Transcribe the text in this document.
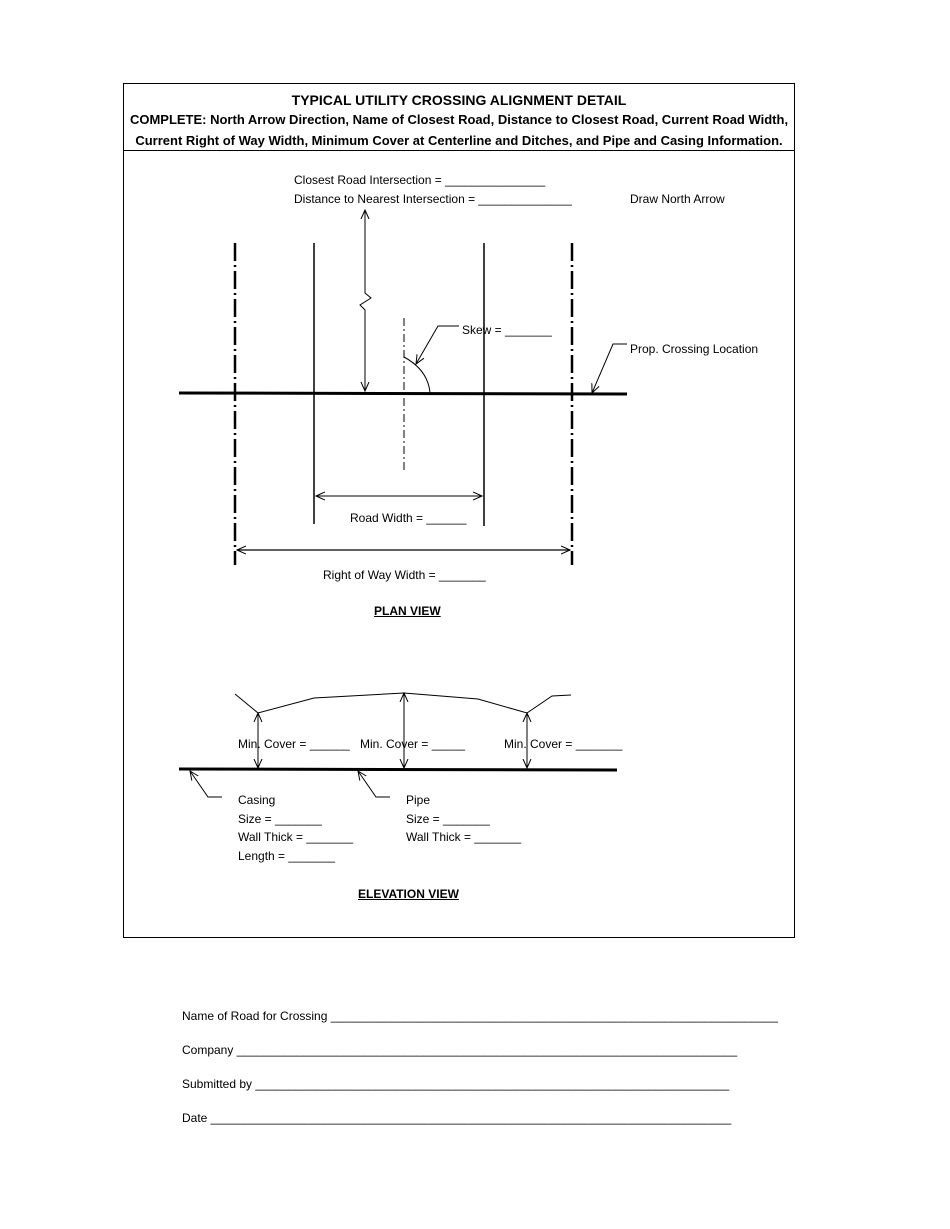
TYPICAL UTILITY CROSSING ALIGNMENT DETAIL
COMPLETE: North Arrow Direction, Name of Closest Road, Distance to Closest Road, Current Road Width,
Current Right of Way Width, Minimum Cover at Centerline and Ditches, and Pipe and Casing Information.
Closest Road Intersection = _______________
Distance to Nearest Intersection = ______________	Draw North Arrow
Skew = _______
Prop. Crossing Location
Road Width = ______
Right of Way Width = _______
PLAN VIEW
Min. Cover = ______ Min. Cover = _____	Min. Cover = _______
Casing
Size = _______
Wall Thick = _______
Length = _______
Pipe
Size = _______
Wall Thick = _______
ELEVATION VIEW
Name of Road for Crossing ___________________________________________________________________
Company ___________________________________________________________________________
Submitted by _______________________________________________________________________
Date ______________________________________________________________________________
